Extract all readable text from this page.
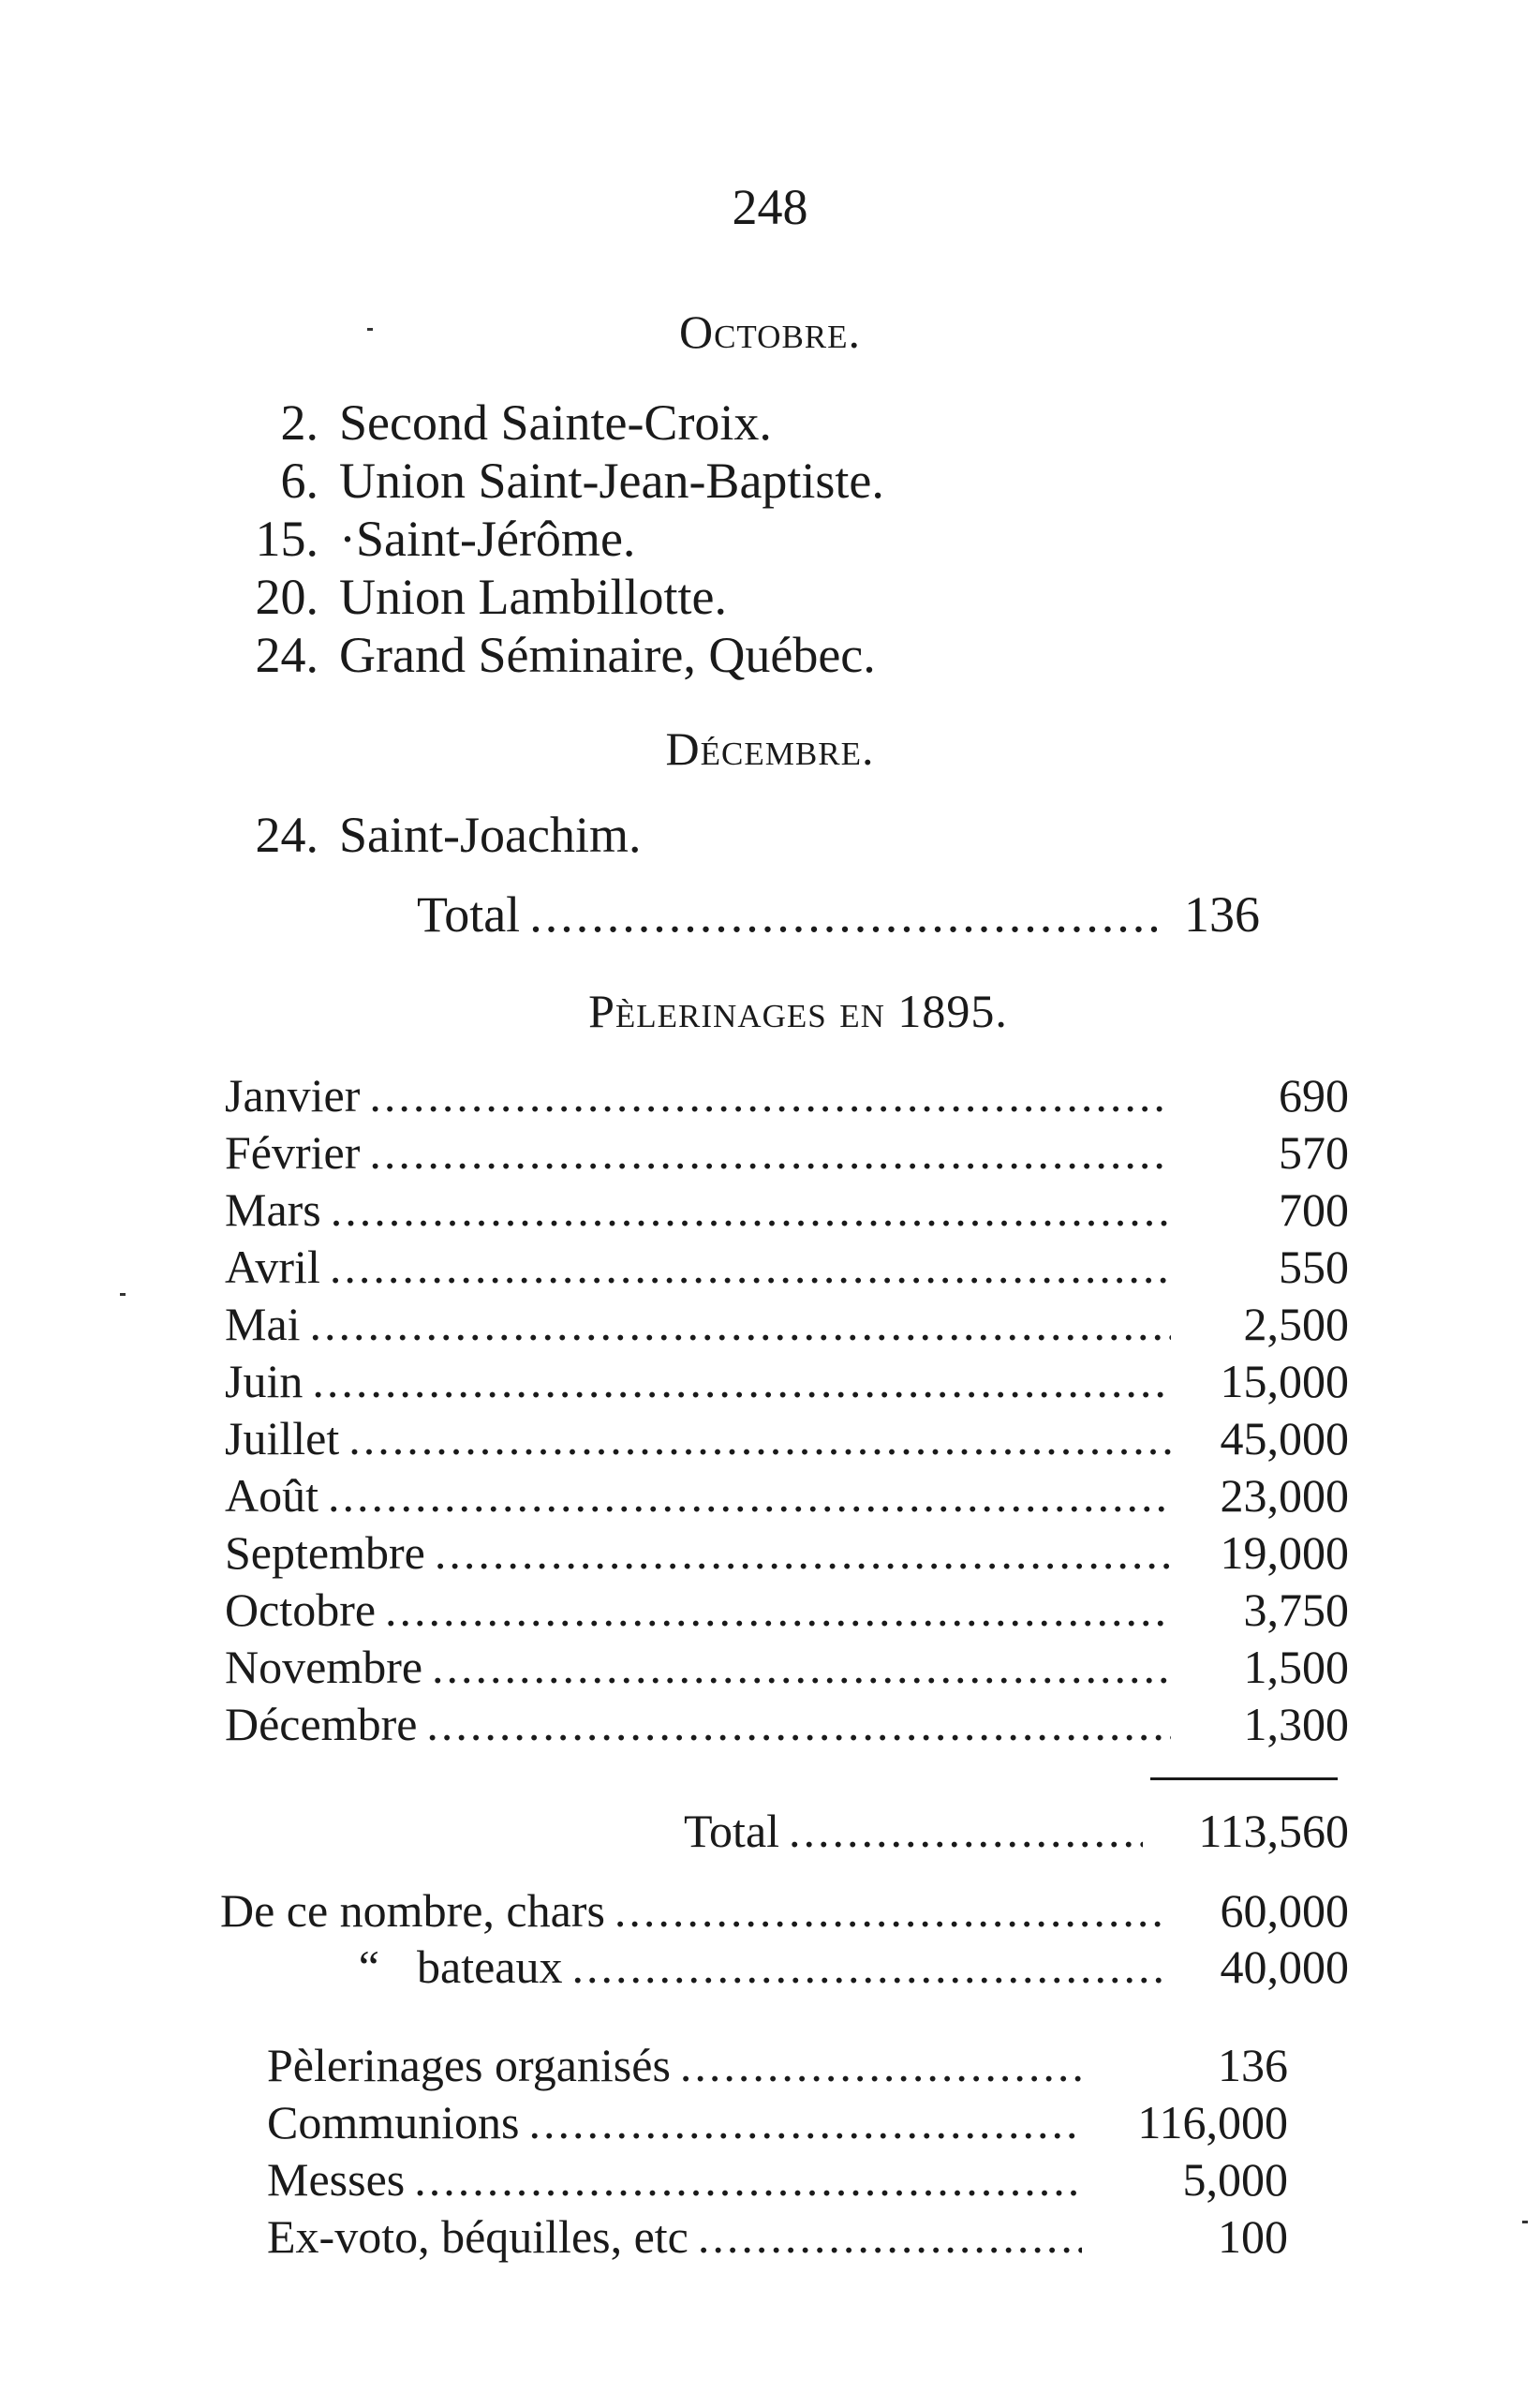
248
Octobre.
2. Second Sainte-Croix.
6. Union Saint-Jean-Baptiste.
15. ·Saint-Jérôme.
20. Union Lambillotte.
24. Grand Séminaire, Québec.
Décembre.
24. Saint-Joachim.
Total .....	136
Pèlerinages en 1895.
Janvier .....	690
Février .....	570
Mars .....	700
Avril .....	550
Mai .....	2,500
Juin .....	15,000
Juillet .....	45,000
Août .....	23,000
Septembre .....	19,000
Octobre .....	3,750
Novembre .....	1,500
Décembre .....	1,300
Total .....	113,560
De ce nombre, chars .....	60,000
“ bateaux .....	40,000
Pèlerinages organisés .....	136
Communions .....	116,000
Messes .....	5,000
Ex-voto, béquilles, etc .....	100
